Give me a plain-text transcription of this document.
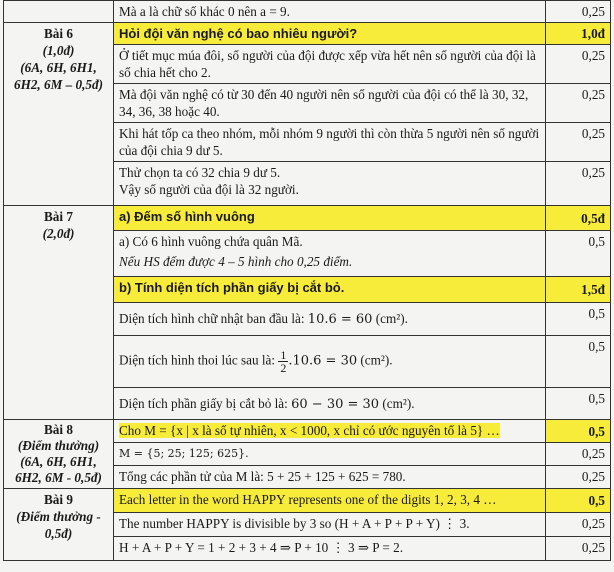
	Mà a là chữ số khác 0 nên a = 9.	0,25

Bài 6
(1,0đ)
(6A, 6H, 6H1,
6H2, 6M – 0,5đ)	Hỏi đội văn nghệ có bao nhiêu người?	1,0đ
	Ở tiết mục múa đôi, số người của đội được xếp vừa hết nên số người của đội là số chia hết cho 2.	0,25
	Mà đội văn nghệ có từ 30 đến 40 người nên số người của đội có thể là 30, 32, 34, 36, 38 hoặc 40.	0,25
	Khi hát tốp ca theo nhóm, mỗi nhóm 9 người thì còn thừa 5 người nên số người của đội chia 9 dư 5.	0,25

	Thử chọn ta có 32 chia 9 dư 5.
Vậy số người của đội là 32 người.	0,25

Bài 7
(2,0đ)	a) Đếm số hình vuông	0,5đ

	a) Có 6 hình vuông chứa quân Mã.
Nếu HS đếm được 4 – 5 hình cho 0,25 điểm.	0,5
	b) Tính diện tích phần giấy bị cắt bỏ.	1,5đ
	Diện tích hình chữ nhật ban đầu là: 10.6 = 60 (cm²).	0,5
	Diện tích hình thoi lúc sau là: $\frac{1}{2} .10.6 = 30$ (cm²).	0,5
	Diện tích phần giấy bị cắt bỏ là: 60 − 30 = 30 (cm²).	0,5

Bài 8
(Điểm thưởng)
(6A, 6H, 6H1,
6H2, 6M - 0,5đ)	Cho M = {x | x là số tự nhiên, x < 1000, x chỉ có ước nguyên tố là 5} …	0,5
	M = {5; 25; 125; 625}.	0,25
	Tổng các phần tử của M là: 5 + 25 + 125 + 625 = 780.	0,25

Bài 9
(Điểm thưởng -
0,5đ)	Each letter in the word HAPPY represents one of the digits 1, 2, 3, 4 …	0,5
	The number HAPPY is divisible by 3 so (H + A + P + P + Y) ⋮ 3.	0,25
	H + A + P + Y = 1 + 2 + 3 + 4 ⇒ P + 10 ⋮ 3 ⇒ P = 2.	0,25
